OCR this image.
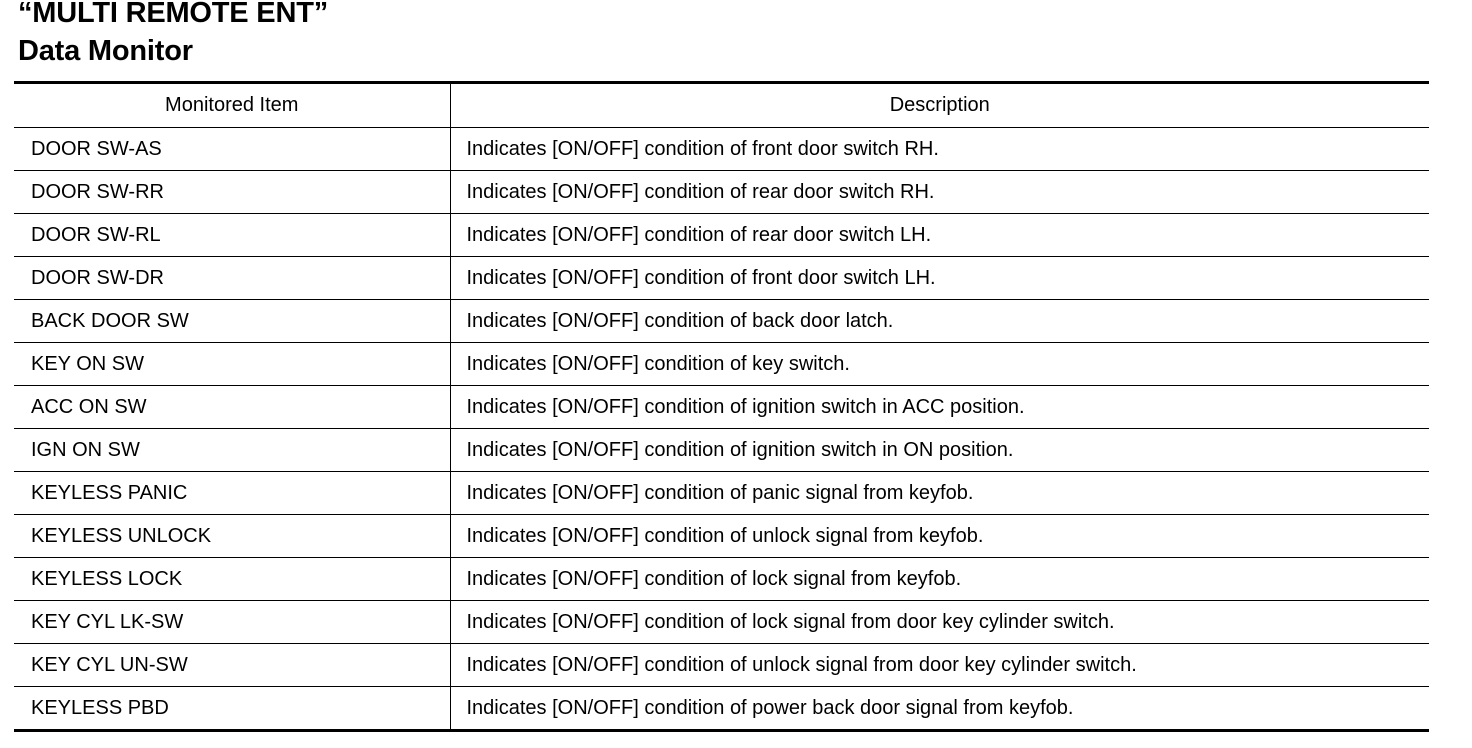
“MULTI REMOTE ENT”
Data Monitor
Monitored Item	Description
DOOR SW-AS	Indicates [ON/OFF] condition of front door switch RH.
DOOR SW-RR	Indicates [ON/OFF] condition of rear door switch RH.
DOOR SW-RL	Indicates [ON/OFF] condition of rear door switch LH.
DOOR SW-DR	Indicates [ON/OFF] condition of front door switch LH.
BACK DOOR SW	Indicates [ON/OFF] condition of back door latch.
KEY ON SW	Indicates [ON/OFF] condition of key switch.
ACC ON SW	Indicates [ON/OFF] condition of ignition switch in ACC position.
IGN ON SW	Indicates [ON/OFF] condition of ignition switch in ON position.
KEYLESS PANIC	Indicates [ON/OFF] condition of panic signal from keyfob.
KEYLESS UNLOCK	Indicates [ON/OFF] condition of unlock signal from keyfob.
KEYLESS LOCK	Indicates [ON/OFF] condition of lock signal from keyfob.
KEY CYL LK-SW	Indicates [ON/OFF] condition of lock signal from door key cylinder switch.
KEY CYL UN-SW	Indicates [ON/OFF] condition of unlock signal from door key cylinder switch.
KEYLESS PBD	Indicates [ON/OFF] condition of power back door signal from keyfob.
